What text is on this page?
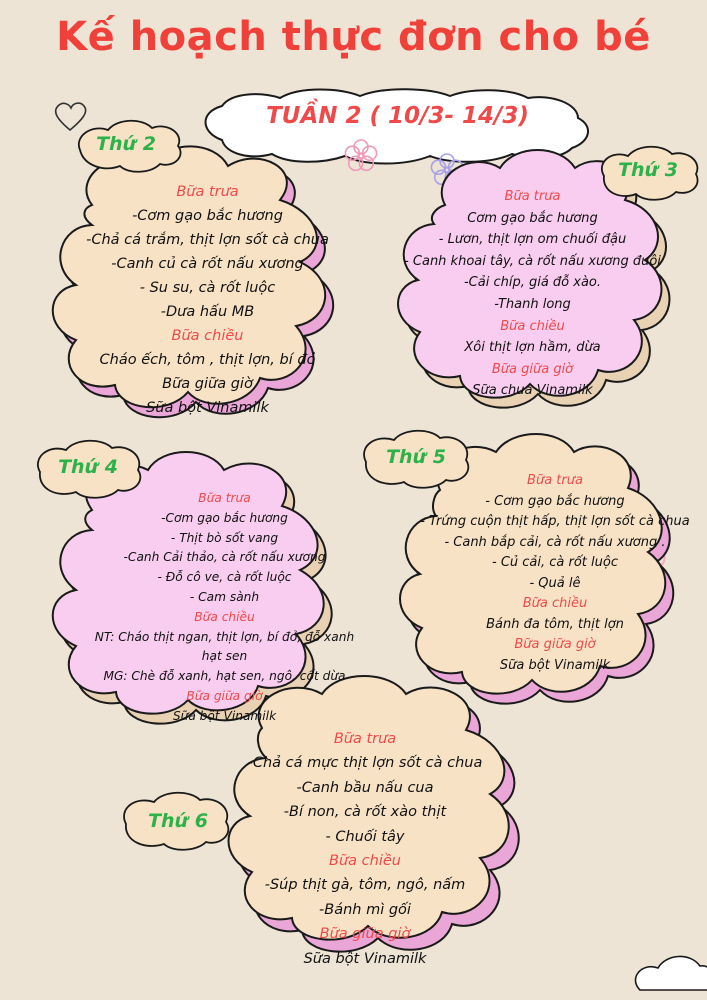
Kế hoạch thực đơn cho bé
TUẦN 2 ( 10/3- 14/3)
Thứ 2
Thứ 3
Thứ 4	Thứ 5
Thứ 6
Bữa trưa
-Cơm gạo bắc hương
-Chả cá trắm, thịt lợn sốt cà chua
-Canh củ cà rốt nấu xương
- Su su, cà rốt luộc
-Dưa hấu MB
Bữa chiều
Cháo ếch, tôm , thịt lợn, bí đỏ
Bữa giữa giờ
Sữa bột Vinamilk
Bữa trưa
Cơm gạo bắc hương
- Lươn, thịt lợn om chuối đậu
- Canh khoai tây, cà rốt nấu xương đuôi
-Cải chíp, giá đỗ xào.
-Thanh long
Bữa chiều
Xôi thịt lợn hầm, dừa
Bữa giữa giờ
Sữa chua Vinamilk
Bữa trưa
-Cơm gạo bắc hương
- Thịt bò sốt vang
-Canh Cải thảo, cà rốt nấu xương
- Đỗ cô ve, cà rốt luộc
- Cam sành
Bữa chiều
NT: Cháo thịt ngan, thịt lợn, bí đỏ, đỗ xanh
hạt sen
MG: Chè đỗ xanh, hạt sen, ngô, cốt dừa
Bữa giữa giờ
Sữa bột Vinamilk
Bữa trưa
- Cơm gạo bắc hương
- Trứng cuộn thịt hấp, thịt lợn sốt cà chua
- Canh bắp cải, cà rốt nấu xương .
- Củ cải, cà rốt luộc
- Quả lê
Bữa chiều
Bánh đa tôm, thịt lợn
Bữa giữa giờ
Sữa bột Vinamilk
Bữa trưa
-Chả cá mực thịt lợn sốt cà chua
-Canh bầu nấu cua
-Bí non, cà rốt xào thịt
- Chuối tây
Bữa chiều
-Súp thịt gà, tôm, ngô, nấm
-Bánh mì gối
Bữa giữa giờ
Sữa bột Vinamilk
